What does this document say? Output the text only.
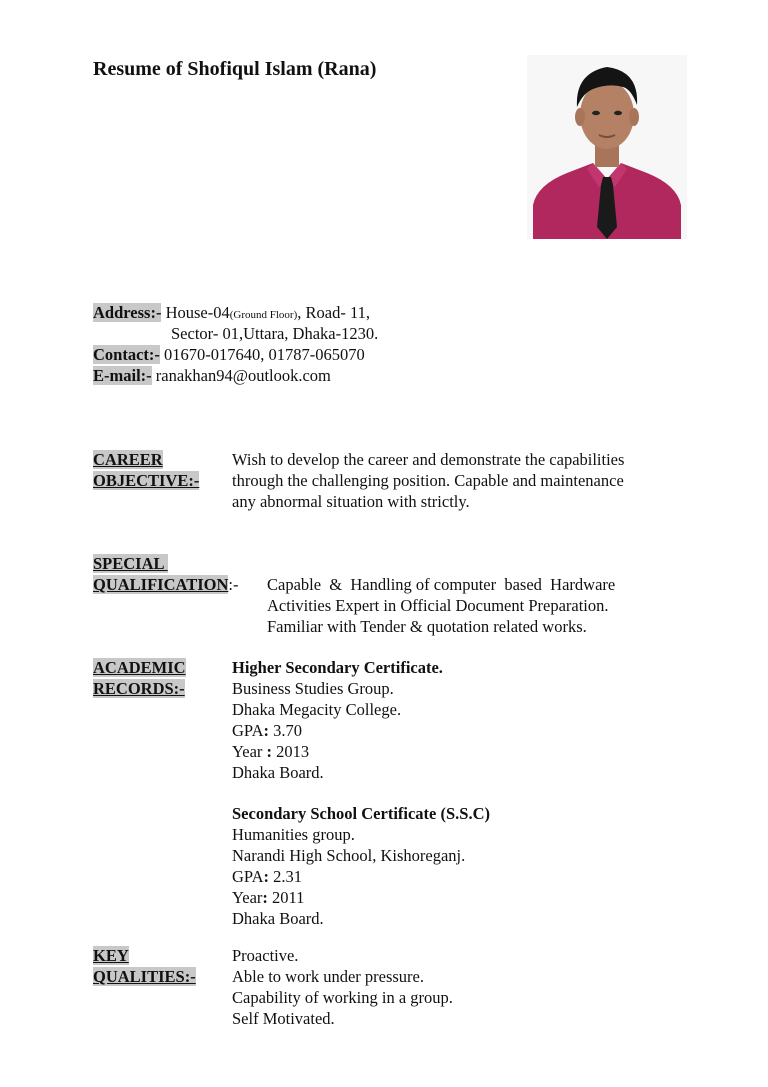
Resume of Shofiqul Islam (Rana)
Address:- House-04(Ground Floor), Road- 11,
Sector- 01,Uttara, Dhaka-1230.
Contact:- 01670-017640, 01787-065070
E-mail:- ranakhan94@outlook.com
CAREER
OBJECTIVE:-
Wish to develop the career and demonstrate the capabilities
through the challenging position. Capable and maintenance
any abnormal situation with strictly.
SPECIAL
QUALIFICATION:- Capable  &  Handling of computer  based  Hardware
Activities Expert in Official Document Preparation.
Familiar with Tender & quotation related works.
ACADEMIC
RECORDS:-
Higher Secondary Certificate.
Business Studies Group.
Dhaka Megacity College.
GPA: 3.70
Year : 2013
Dhaka Board.
Secondary School Certificate (S.S.C)
Humanities group.
Narandi High School, Kishoreganj.
GPA: 2.31
Year: 2011
Dhaka Board.
KEY
QUALITIES:-
Proactive.
Able to work under pressure.
Capability of working in a group.
Self Motivated.
